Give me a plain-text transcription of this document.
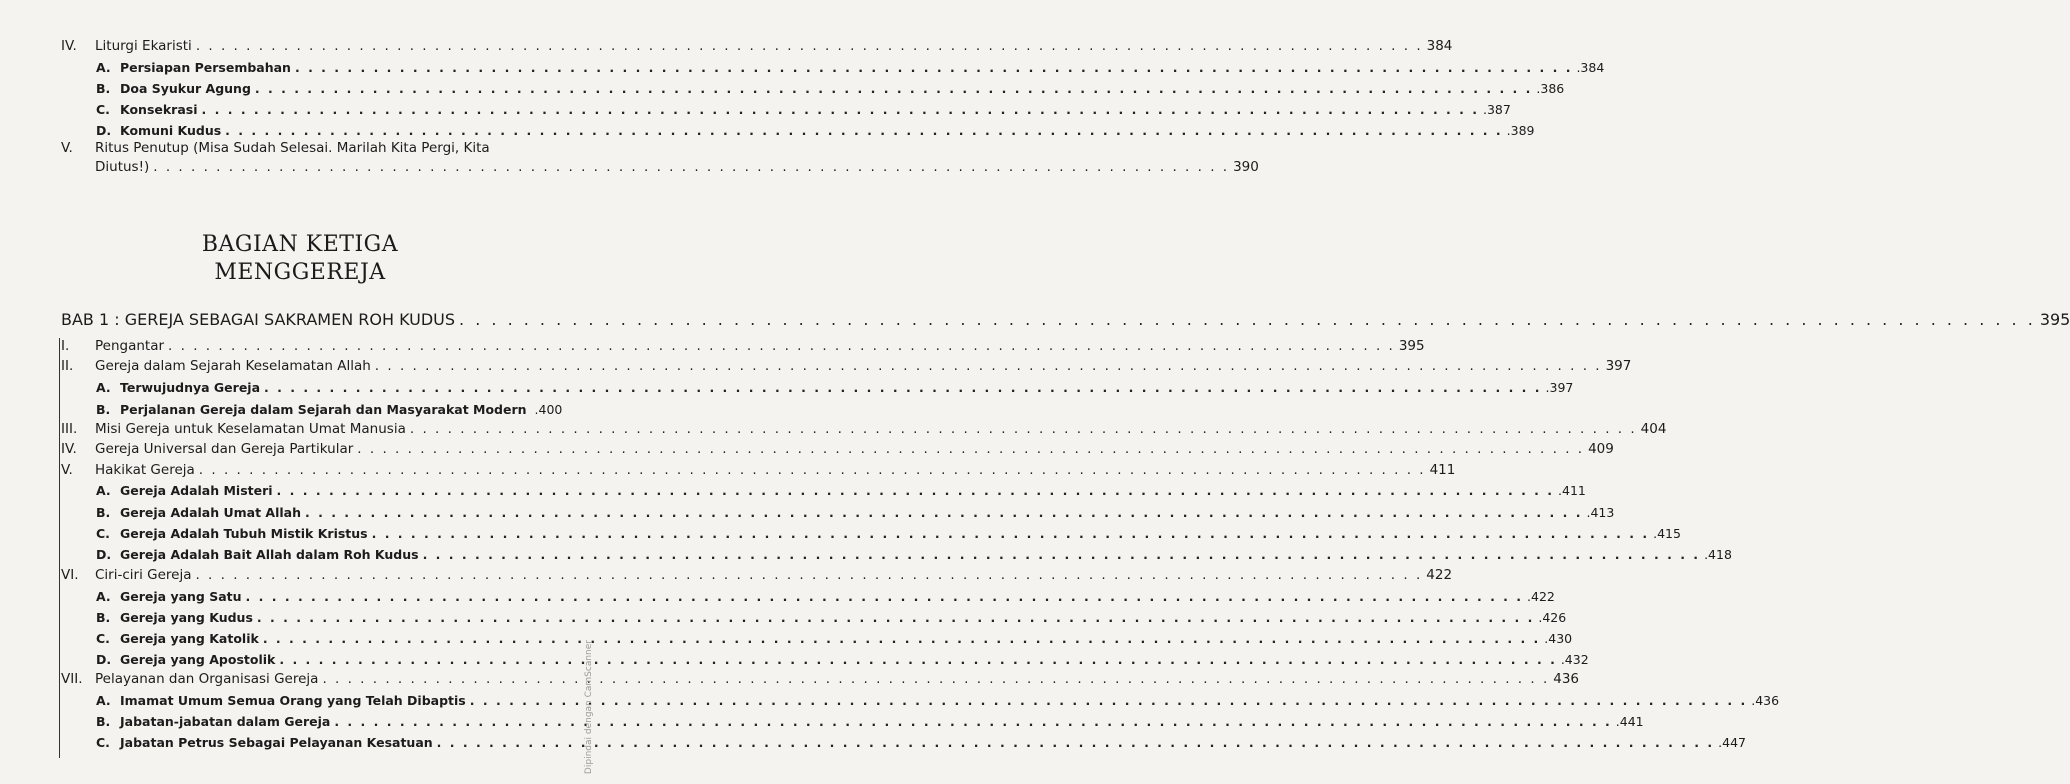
IV.	Liturgi Ekaristi . . .	384
A. Persiapan Persembahan . . .	.384
B. Doa Syukur Agung . . .	.386
C. Konsekrasi . . .	.387
D. Komuni Kudus . . .	.389
V.	Ritus Penutup (Misa Sudah Selesai. Marilah Kita Pergi, Kita
Diutus!) . . .	390
BAGIAN KETIGA
MENGGEREJA
BAB 1 : GEREJA SEBAGAI SAKRAMEN ROH KUDUS . . .	395
I.	Pengantar . . .	395
II.	Gereja dalam Sejarah Keselamatan Allah . . .	397
A. Terwujudnya Gereja . . .	.397
B. Perjalanan Gereja dalam Sejarah dan Masyarakat Modern .400
III.	Misi Gereja untuk Keselamatan Umat Manusia . . .	404
IV.	Gereja Universal dan Gereja Partikular . . .	409
V.	Hakikat Gereja . . .	411
A. Gereja Adalah Misteri . . .	.411
B. Gereja Adalah Umat Allah . . .	.413
C. Gereja Adalah Tubuh Mistik Kristus . . .	.415
D. Gereja Adalah Bait Allah dalam Roh Kudus . . .	.418
VI.	Ciri-ciri Gereja . . .	422
A. Gereja yang Satu . . .	.422
B. Gereja yang Kudus . . .	.426
C. Gereja yang Katolik . . .	.430
D. Gereja yang Apostolik . . .	.432
VII. Pelayanan dan Organisasi Gereja . . .	436
A. Imamat Umum Semua Orang yang Telah Dibaptis . . .	.436
B. Jabatan-jabatan dalam Gereja . . .	.441
C. Jabatan Petrus Sebagai Pelayanan Kesatuan . . .	.447
Dipindai dengan CamScanner
